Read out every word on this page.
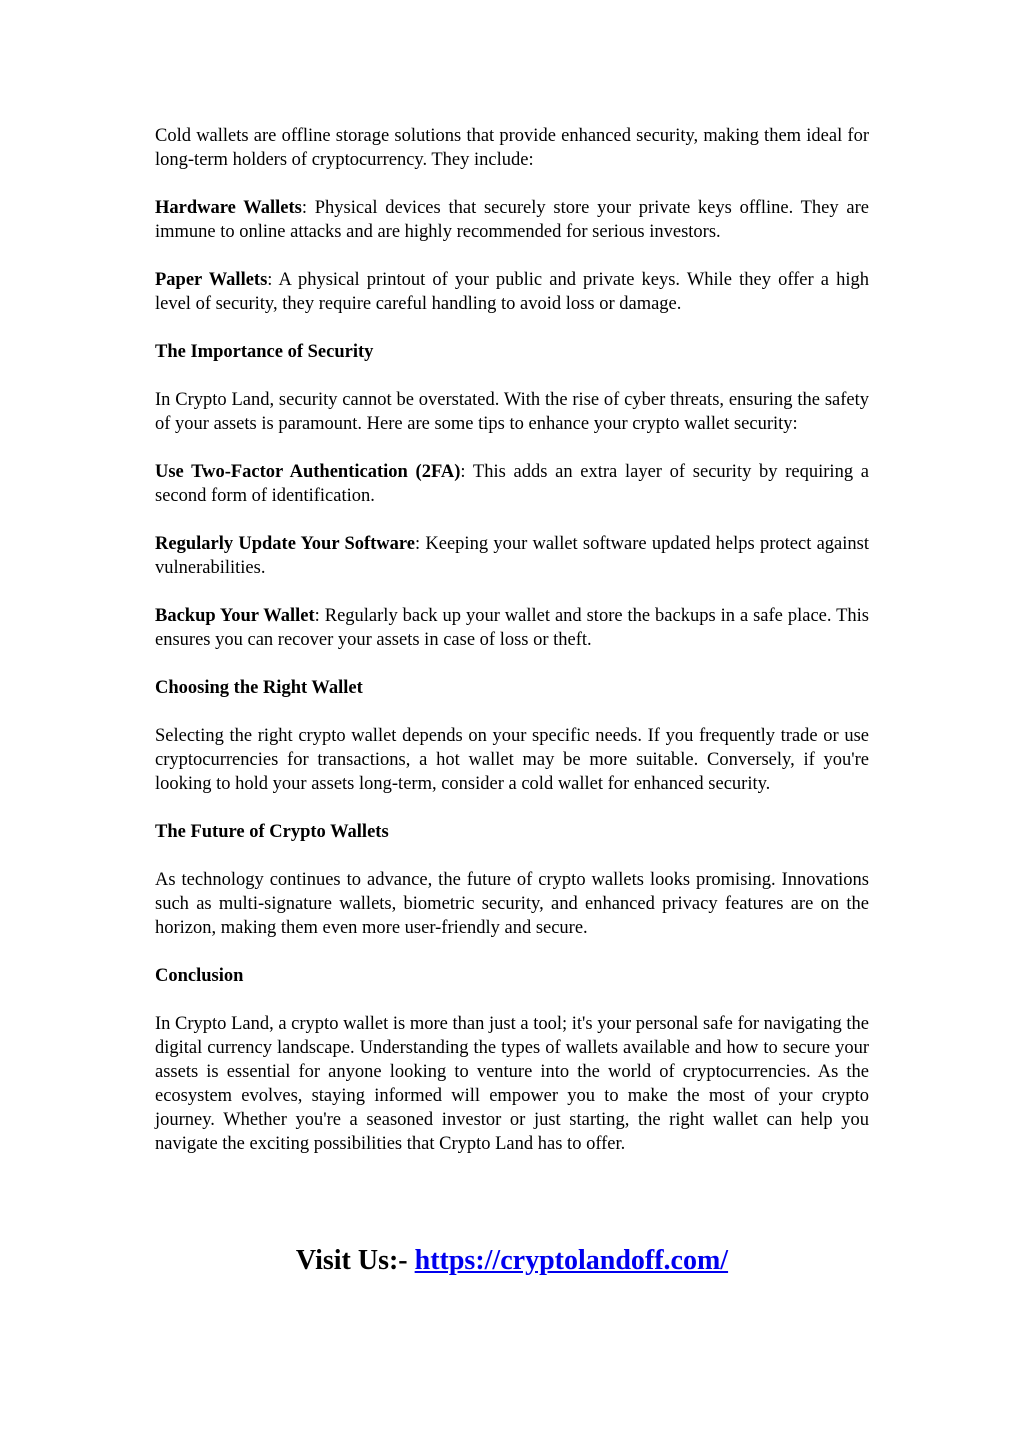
Cold wallets are offline storage solutions that provide enhanced security, making them ideal for long-term holders of cryptocurrency. They include:

Hardware Wallets: Physical devices that securely store your private keys offline. They are immune to online attacks and are highly recommended for serious investors.

Paper Wallets: A physical printout of your public and private keys. While they offer a high level of security, they require careful handling to avoid loss or damage.

The Importance of Security

In Crypto Land, security cannot be overstated. With the rise of cyber threats, ensuring the safety of your assets is paramount. Here are some tips to enhance your crypto wallet security:

Use Two-Factor Authentication (2FA): This adds an extra layer of security by requiring a second form of identification.

Regularly Update Your Software: Keeping your wallet software updated helps protect against vulnerabilities.

Backup Your Wallet: Regularly back up your wallet and store the backups in a safe place. This ensures you can recover your assets in case of loss or theft.

Choosing the Right Wallet

Selecting the right crypto wallet depends on your specific needs. If you frequently trade or use cryptocurrencies for transactions, a hot wallet may be more suitable. Conversely, if you're looking to hold your assets long-term, consider a cold wallet for enhanced security.

The Future of Crypto Wallets

As technology continues to advance, the future of crypto wallets looks promising. Innovations such as multi-signature wallets, biometric security, and enhanced privacy features are on the horizon, making them even more user-friendly and secure.

Conclusion

In Crypto Land, a crypto wallet is more than just a tool; it's your personal safe for navigating the digital currency landscape. Understanding the types of wallets available and how to secure your assets is essential for anyone looking to venture into the world of cryptocurrencies. As the ecosystem evolves, staying informed will empower you to make the most of your crypto journey. Whether you're a seasoned investor or just starting, the right wallet can help you navigate the exciting possibilities that Crypto Land has to offer.

Visit Us:- https://cryptolandoff.com/
